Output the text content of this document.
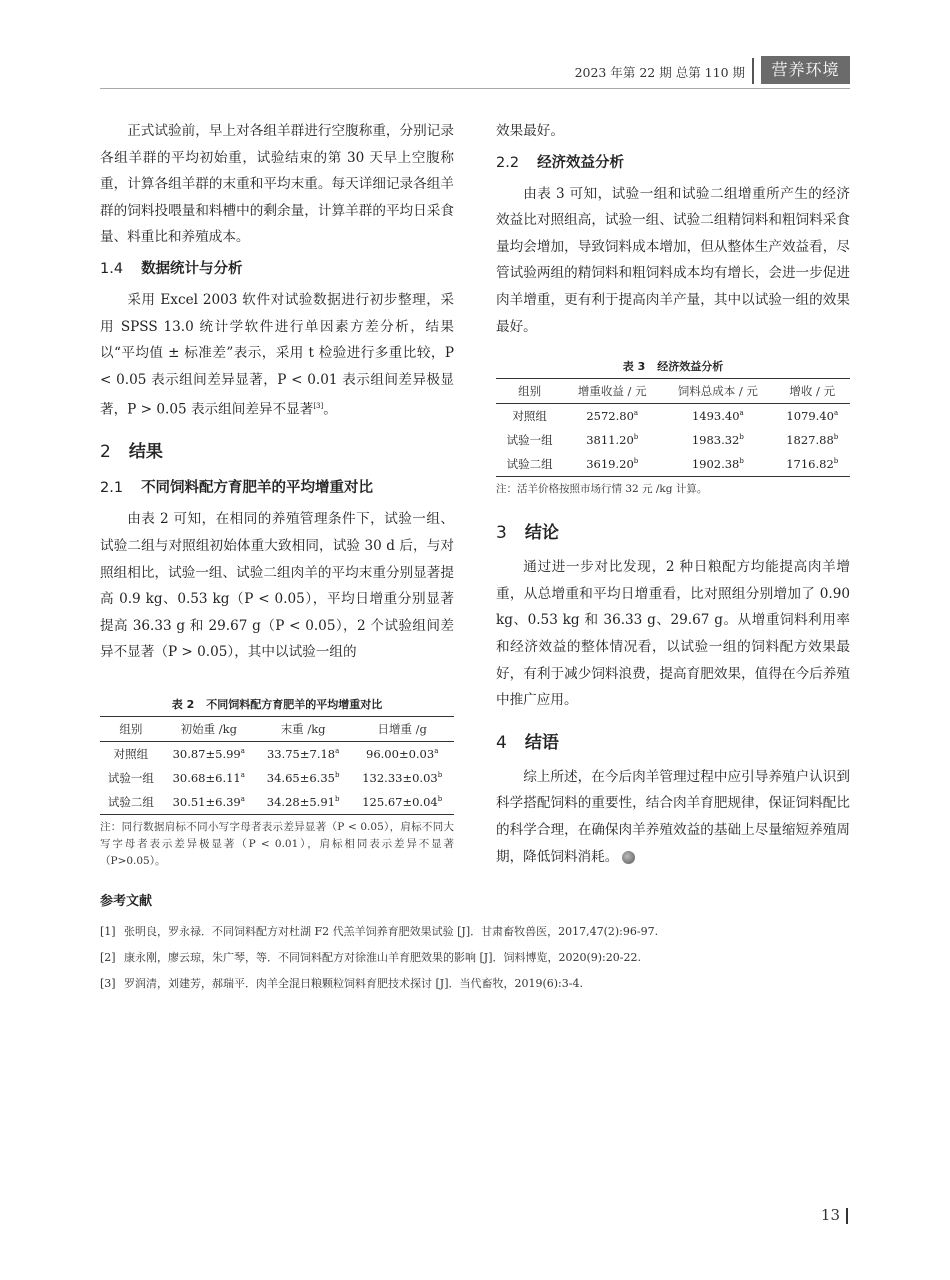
2023 年第 22 期 总第 110 期	营养环境

正式试验前，早上对各组羊群进行空腹称重，分别记录各组羊群的平均初始重，试验结束的第 30 天早上空腹称重，计算各组羊群的末重和平均末重。每天详细记录各组羊群的饲料投喂量和料槽中的剩余量，计算羊群的平均日采食量、料重比和养殖成本。

1.4 数据统计与分析

采用 Excel 2003 软件对试验数据进行初步整理，采用 SPSS 13.0 统计学软件进行单因素方差分析，结果以“平均值 ± 标准差”表示，采用 t 检验进行多重比较，P < 0.05 表示组间差异显著，P < 0.01 表示组间差异极显著，P > 0.05 表示组间差异不显著[3]。

2 结果
2.1 不同饲料配方育肥羊的平均增重对比

由表 2 可知，在相同的养殖管理条件下，试验一组、试验二组与对照组初始体重大致相同，试验 30 d 后，与对照组相比，试验一组、试验二组肉羊的平均末重分别显著提高 0.9 kg、0.53 kg（P < 0.05），平均日增重分别显著提高 36.33 g 和 29.67 g（P < 0.05），2 个试验组间差异不显著（P > 0.05），其中以试验一组的

表 2 不同饲料配方育肥羊的平均增重对比
组别	初始重 /kg	末重 /kg	日增重 /g
对照组	30.87±5.99$^a$	33.75±7.18$^a$	96.00±0.03$^a$
试验一组	30.68±6.11$^a$	34.65±6.35$^b$	132.33±0.03$^b$
试验二组	30.51±6.39$^a$	34.28±5.91$^b$	125.67±0.04$^b$
注：同行数据肩标不同小写字母者表示差异显著（P < 0.05），肩标不同大写字母者表示差异极显著（P < 0.01），肩标相同表示差异不显著（P>0.05）。

效果最好。

2.2 经济效益分析

由表 3 可知，试验一组和试验二组增重所产生的经济效益比对照组高，试验一组、试验二组精饲料和粗饲料采食量均会增加，导致饲料成本增加，但从整体生产效益看，尽管试验两组的精饲料和粗饲料成本均有增长，会进一步促进肉羊增重，更有利于提高肉羊产量，其中以试验一组的效果最好。

表 3 经济效益分析
组别	增重收益 / 元	饲料总成本 / 元	增收 / 元
对照组	2572.80$^a$	1493.40$^a$	1079.40$^a$
试验一组	3811.20$^b$	1983.32$^b$	1827.88$^b$
试验二组	3619.20$^b$	1902.38$^b$	1716.82$^b$
注：活羊价格按照市场行情 32 元 /kg 计算。
3 结论

通过进一步对比发现，2 种日粮配方均能提高肉羊增重，从总增重和平均日增重看，比对照组分别增加了 0.90 kg、0.53 kg 和 36.33 g、29.67 g。从增重饲料利用率和经济效益的整体情况看，以试验一组的饲料配方效果最好，有利于减少饲料浪费，提高育肥效果，值得在今后养殖中推广应用。

4 结语

综上所述，在今后肉羊管理过程中应引导养殖户认识到科学搭配饲料的重要性，结合肉羊育肥规律，保证饲料配比的科学合理，在确保肉羊养殖效益的基础上尽量缩短养殖周期，降低饲料消耗。

参考文献
[1] 张明良，罗永禄．不同饲料配方对杜湖 F2 代羔羊饲养育肥效果试验 [J]．甘肃畜牧兽医，2017,47(2):96-97.
[2] 康永刚，廖云琼，朱广琴，等．不同饲料配方对徐淮山羊育肥效果的影响 [J]．饲料博览，2020(9):20-22.
[3] 罗润清，刘建芳，郝瑞平．肉羊全混日粮颗粒饲料育肥技术探讨 [J]．当代畜牧，2019(6):3-4.
13
